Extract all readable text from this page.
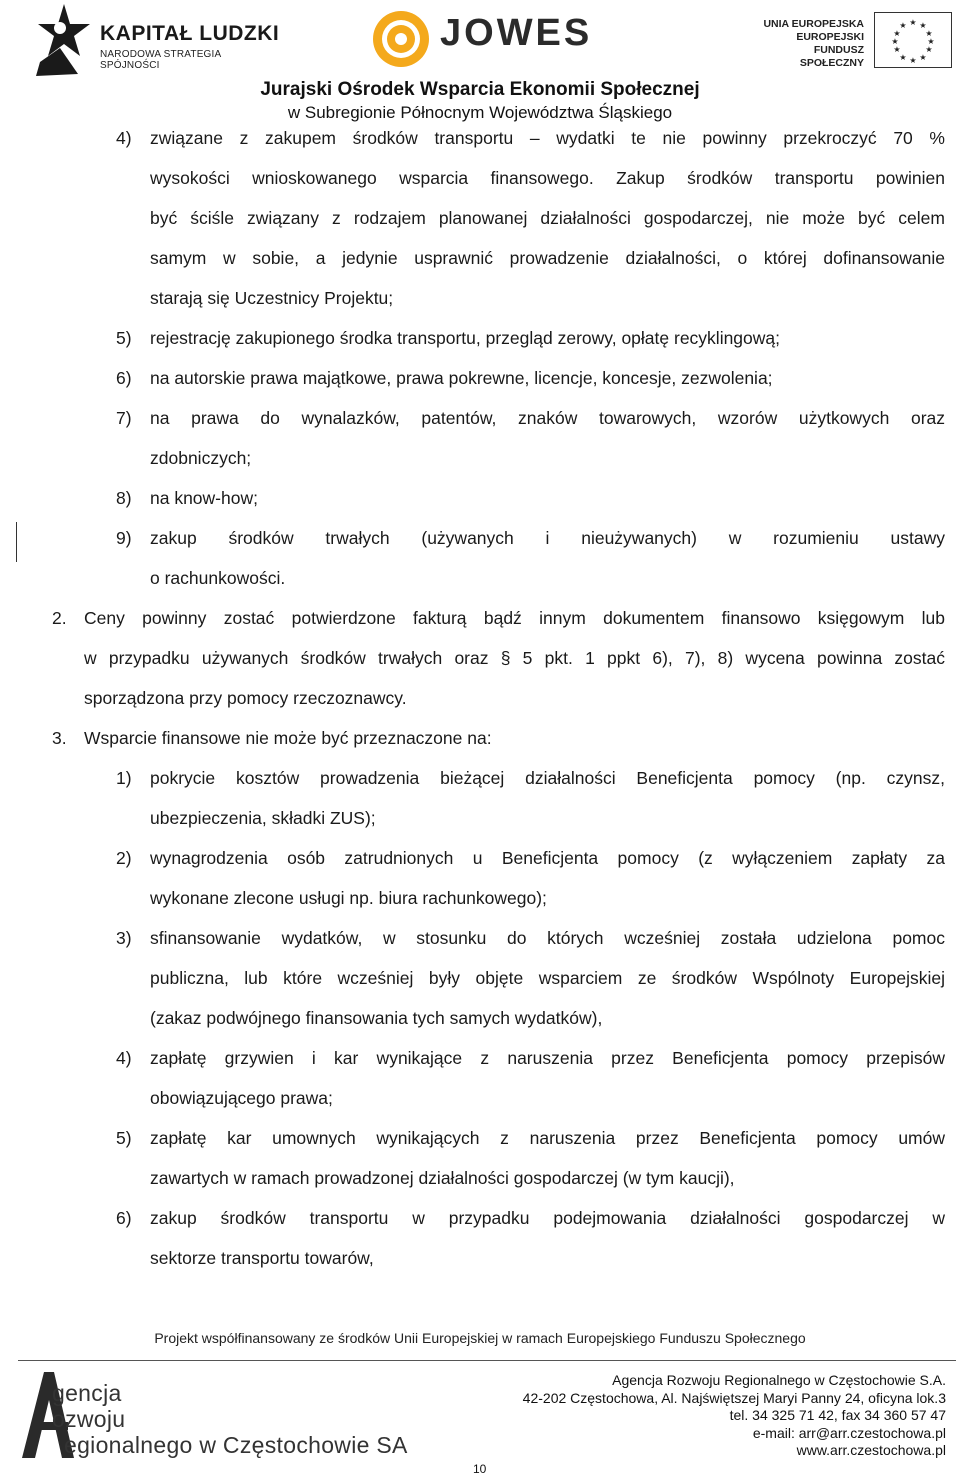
KAPITAŁ LUDZKI
NARODOWA STRATEGIA SPÓJNOŚCI
JOWES	UNIA EUROPEJSKA
EUROPEJSKI
FUNDUSZ SPOŁECZNY
★ ★
★
★
★
★
★
★
★
★
★
★
Jurajski Ośrodek Wsparcia Ekonomii Społecznej
w Subregionie Północnym Województwa Śląskiego
4) związane z zakupem środków transportu – wydatki te nie powinny przekroczyć 70 %
wysokości wnioskowanego wsparcia finansowego. Zakup środków transportu powinien
być ściśle związany z rodzajem planowanej działalności gospodarczej, nie może być celem
samym w sobie, a jedynie usprawnić prowadzenie działalności, o której dofinansowanie
starają się Uczestnicy Projektu;
5) rejestrację zakupionego środka transportu, przegląd zerowy, opłatę recyklingową;
6) na autorskie prawa majątkowe, prawa pokrewne, licencje, koncesje, zezwolenia;
7) na prawa do wynalazków, patentów, znaków towarowych, wzorów użytkowych oraz
zdobniczych;
8) na know-how;
9) zakup środków trwałych (używanych i nieużywanych) w rozumieniu ustawy
o rachunkowości.
2. Ceny powinny zostać potwierdzone fakturą bądź innym dokumentem finansowo księgowym lub
w przypadku używanych środków trwałych oraz § 5 pkt. 1 ppkt 6), 7), 8) wycena powinna zostać
sporządzona przy pomocy rzeczoznawcy.
3. Wsparcie finansowe nie może być przeznaczone na:
1) pokrycie kosztów prowadzenia bieżącej działalności Beneficjenta pomocy (np. czynsz,
ubezpieczenia, składki ZUS);
2) wynagrodzenia osób zatrudnionych u Beneficjenta pomocy (z wyłączeniem zapłaty za
wykonane zlecone usługi np. biura rachunkowego);
3) sfinansowanie wydatków, w stosunku do których wcześniej została udzielona pomoc
publiczna, lub które wcześniej były objęte wsparciem ze środków Wspólnoty Europejskiej
(zakaz podwójnego finansowania tych samych wydatków),
4) zapłatę grzywien i kar wynikające z naruszenia przez Beneficjenta pomocy przepisów
obowiązującego prawa;
5) zapłatę kar umownych wynikających z naruszenia przez Beneficjenta pomocy umów
zawartych w ramach prowadzonej działalności gospodarczej (w tym kaucji),
6) zakup środków transportu w przypadku podejmowania działalności gospodarczej w
sektorze transportu towarów,
Projekt współfinansowany ze środków Unii Europejskiej w ramach Europejskiego Funduszu Społecznego
gencja
ozwoju
egionalnego w Częstochowie SA
Agencja Rozwoju Regionalnego w Częstochowie S.A.
42-202 Częstochowa, Al. Najświętszej Maryi Panny 24, oficyna lok.3
tel. 34 325 71 42, fax 34 360 57 47
e-mail: arr@arr.czestochowa.pl
www.arr.czestochowa.pl
10
